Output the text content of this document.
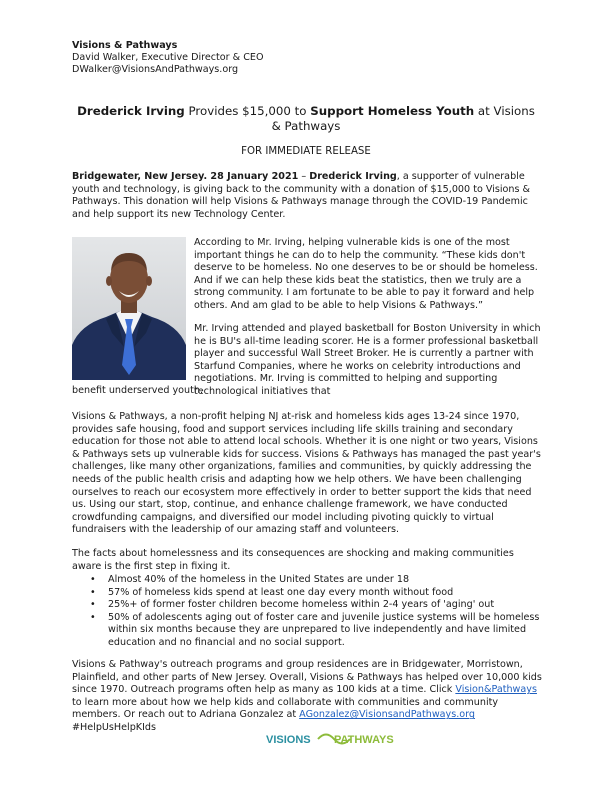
Visions & Pathways
David Walker, Executive Director & CEO
DWalker@VisionsAndPathways.org
Drederick Irving Provides $15,000 to Support Homeless Youth at Visions & Pathways
FOR IMMEDIATE RELEASE
Bridgewater, New Jersey. 28 January 2021 – Drederick Irving, a supporter of vulnerable youth and technology, is giving back to the community with a donation of $15,000 to Visions & Pathways. This donation will help Visions & Pathways manage through the COVID-19 Pandemic and help support its new Technology Center.
According to Mr. Irving, helping vulnerable kids is one of the most important things he can do to help the community. “These kids don't deserve to be homeless. No one deserves to be or should be homeless. And if we can help these kids beat the statistics, then we truly are a strong community. I am fortunate to be able to pay it forward and help others. And am glad to be able to help Visions & Pathways.”
Mr. Irving attended and played basketball for Boston University in which he is BU's all-time leading scorer. He is a former professional basketball player and successful Wall Street Broker. He is currently a partner with Starfund Companies, where he works on celebrity introductions and negotiations. Mr. Irving is committed to helping and supporting technological initiatives that
benefit underserved youth.
Visions & Pathways, a non-profit helping NJ at-risk and homeless kids ages 13-24 since 1970, provides safe housing, food and support services including life skills training and secondary education for those not able to attend local schools. Whether it is one night or two years, Visions & Pathways sets up vulnerable kids for success. Visions & Pathways has managed the past year's challenges, like many other organizations, families and communities, by quickly addressing the needs of the public health crisis and adapting how we help others. We have been challenging ourselves to reach our ecosystem more effectively in order to better support the kids that need us. Using our start, stop, continue, and enhance challenge framework, we have conducted crowdfunding campaigns, and diversified our model including pivoting quickly to virtual fundraisers with the leadership of our amazing staff and volunteers.
The facts about homelessness and its consequences are shocking and making communities aware is the first step in fixing it.
• Almost 40% of the homeless in the United States are under 18
• 57% of homeless kids spend at least one day every month without food
• 25%+ of former foster children become homeless within 2-4 years of 'aging' out
• 50% of adolescents aging out of foster care and juvenile justice systems will be homeless within six months because they are unprepared to live independently and have limited education and no financial and no social support.
Visions & Pathway's outreach programs and group residences are in Bridgewater, Morristown, Plainfield, and other parts of New Jersey. Overall, Visions & Pathways has helped over 10,000 kids since 1970. Outreach programs often help as many as 100 kids at a time. Click Vision&Pathways to learn more about how we help kids and collaborate with communities and community members. Or reach out to Adriana Gonzalez at AGonzalez@VisionsandPathways.org #HelpUsHelpKIds
VISIONS PATHWAYS
